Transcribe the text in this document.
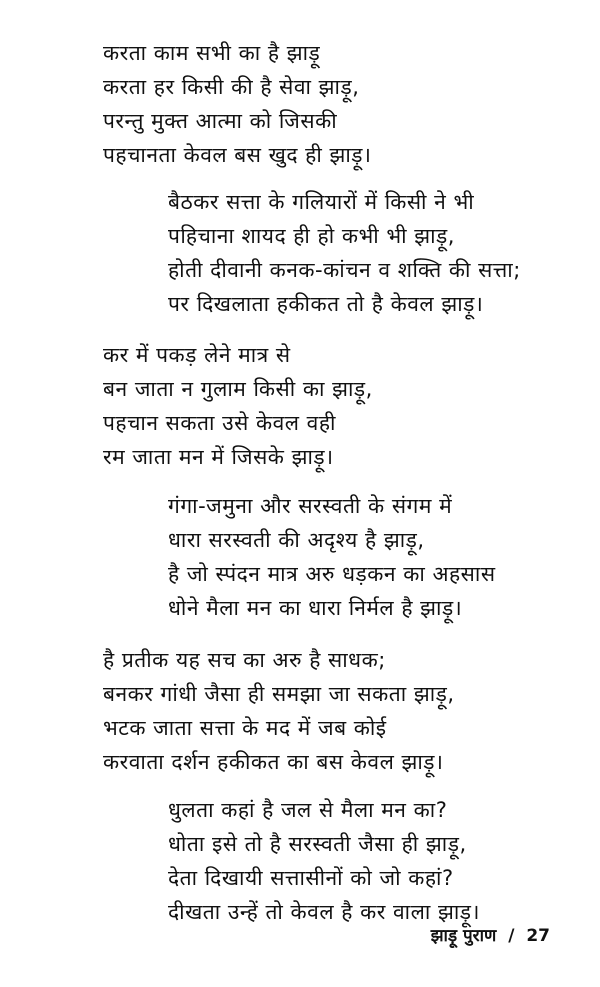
करता काम सभी का है झाड़ू
करता हर किसी की है सेवा झाड़ू,
परन्तु मुक्त आत्मा को जिसकी
पहचानता केवल बस खुद ही झाड़ू।
बैठकर सत्ता के गलियारों में किसी ने भी
पहिचाना शायद ही हो कभी भी झाड़ू,
होती दीवानी कनक-कांचन व शक्ति की सत्ता;
पर दिखलाता हकीकत तो है केवल झाड़ू।
कर में पकड़ लेने मात्र से
बन जाता न गुलाम किसी का झाड़ू,
पहचान सकता उसे केवल वही
रम जाता मन में जिसके झाड़ू।
गंगा-जमुना और सरस्वती के संगम में
धारा सरस्वती की अदृश्य है झाड़ू,
है जो स्पंदन मात्र अरु धड़कन का अहसास
धोने मैला मन का धारा निर्मल है झाड़ू।
है प्रतीक यह सच का अरु है साधक;
बनकर गांधी जैसा ही समझा जा सकता झाड़ू,
भटक जाता सत्ता के मद में जब कोई
करवाता दर्शन हकीकत का बस केवल झाड़ू।
धुलता कहां है जल से मैला मन का?
धोता इसे तो है सरस्वती जैसा ही झाड़ू,
देता दिखायी सत्तासीनों को जो कहां?
दीखता उन्हें तो केवल है कर वाला झाड़ू।
झाड़ू पुराण / 27
